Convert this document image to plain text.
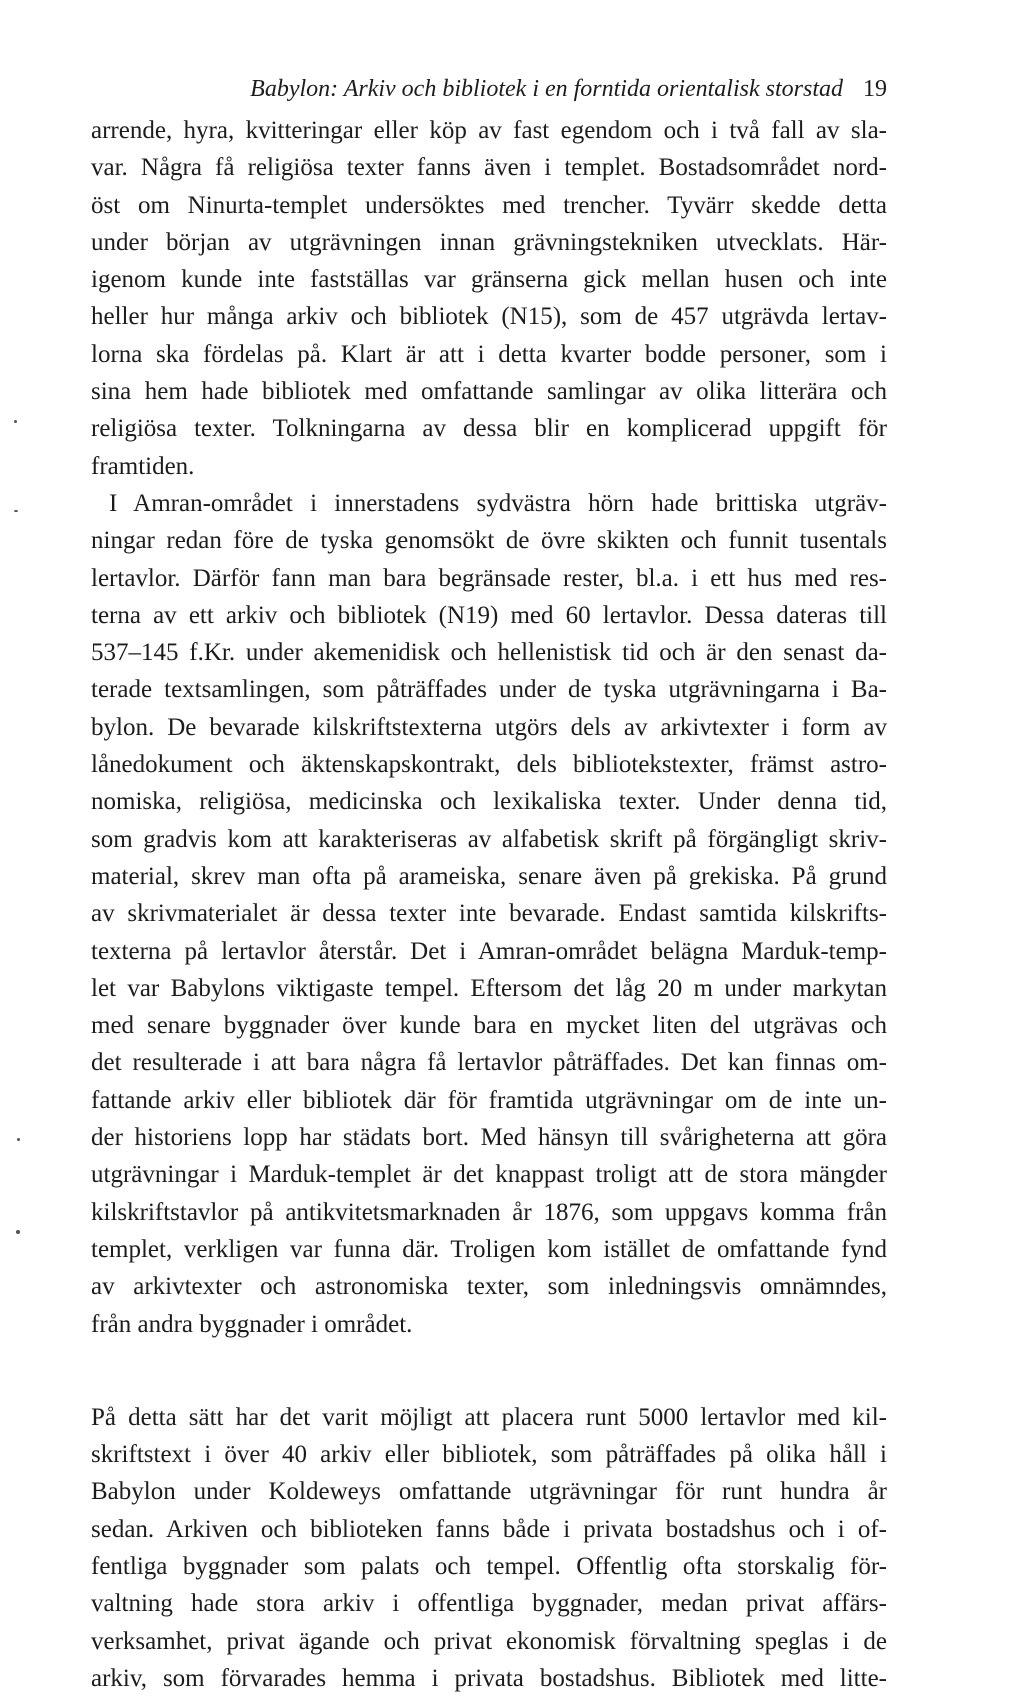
Babylon: Arkiv och bibliotek i en forntida orientalisk storstad 19
arrende, hyra, kvitteringar eller köp av fast egendom och i två fall av sla-
var. Några få religiösa texter fanns även i templet. Bostadsområdet nord-
öst om Ninurta-templet undersöktes med trencher. Tyvärr skedde detta
under början av utgrävningen innan grävningstekniken utvecklats. Här-
igenom kunde inte fastställas var gränserna gick mellan husen och inte
heller hur många arkiv och bibliotek (N15), som de 457 utgrävda lertav-
lorna ska fördelas på. Klart är att i detta kvarter bodde personer, som i
sina hem hade bibliotek med omfattande samlingar av olika litterära och
religiösa texter. Tolkningarna av dessa blir en komplicerad uppgift för
framtiden.
I Amran-området i innerstadens sydvästra hörn hade brittiska utgräv-
ningar redan före de tyska genomsökt de övre skikten och funnit tusentals
lertavlor. Därför fann man bara begränsade rester, bl.a. i ett hus med res-
terna av ett arkiv och bibliotek (N19) med 60 lertavlor. Dessa dateras till
537–145 f.Kr. under akemenidisk och hellenistisk tid och är den senast da-
terade textsamlingen, som påträffades under de tyska utgrävningarna i Ba-
bylon. De bevarade kilskriftstexterna utgörs dels av arkivtexter i form av
lånedokument och äktenskapskontrakt, dels bibliotekstexter, främst astro-
nomiska, religiösa, medicinska och lexikaliska texter. Under denna tid,
som gradvis kom att karakteriseras av alfabetisk skrift på förgängligt skriv-
material, skrev man ofta på arameiska, senare även på grekiska. På grund
av skrivmaterialet är dessa texter inte bevarade. Endast samtida kilskrifts-
texterna på lertavlor återstår. Det i Amran-området belägna Marduk-temp-
let var Babylons viktigaste tempel. Eftersom det låg 20 m under markytan
med senare byggnader över kunde bara en mycket liten del utgrävas och
det resulterade i att bara några få lertavlor påträffades. Det kan finnas om-
fattande arkiv eller bibliotek där för framtida utgrävningar om de inte un-
der historiens lopp har städats bort. Med hänsyn till svårigheterna att göra
utgrävningar i Marduk-templet är det knappast troligt att de stora mängder
kilskriftstavlor på antikvitetsmarknaden år 1876, som uppgavs komma från
templet, verkligen var funna där. Troligen kom istället de omfattande fynd
av arkivtexter och astronomiska texter, som inledningsvis omnämndes,
från andra byggnader i området.
På detta sätt har det varit möjligt att placera runt 5000 lertavlor med kil-
skriftstext i över 40 arkiv eller bibliotek, som påträffades på olika håll i
Babylon under Koldeweys omfattande utgrävningar för runt hundra år
sedan. Arkiven och biblioteken fanns både i privata bostadshus och i of-
fentliga byggnader som palats och tempel. Offentlig ofta storskalig för-
valtning hade stora arkiv i offentliga byggnader, medan privat affärs-
verksamhet, privat ägande och privat ekonomisk förvaltning speglas i de
arkiv, som förvarades hemma i privata bostadshus. Bibliotek med litte-
